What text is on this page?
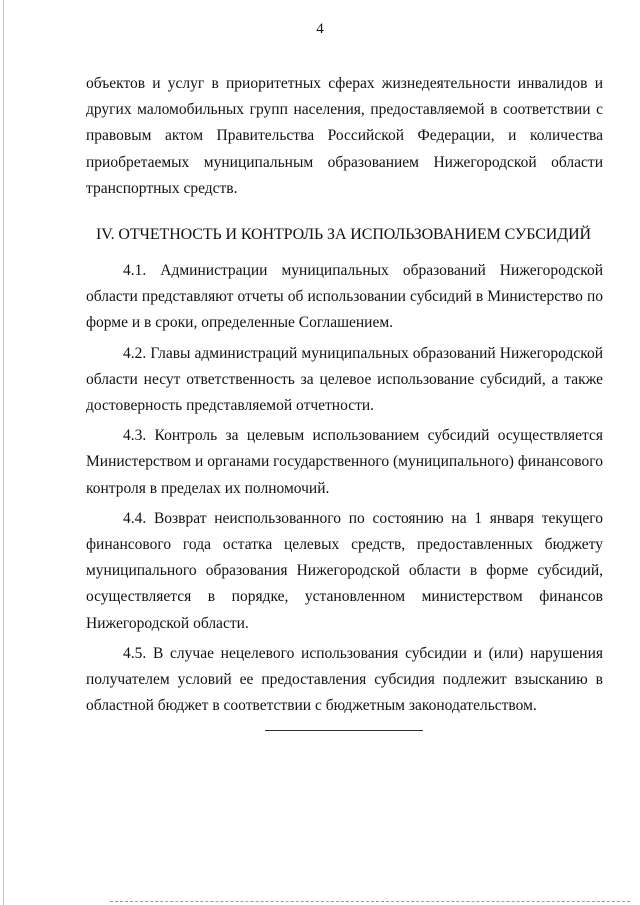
4

объектов и услуг в приоритетных сферах жизнедеятельности инвалидов и других маломобильных групп населения, предоставляемой в соответствии с правовым актом Правительства Российской Федерации, и количества приобретаемых муниципальным образованием Нижегородской области транспортных средств.

IV. ОТЧЕТНОСТЬ И КОНТРОЛЬ ЗА ИСПОЛЬЗОВАНИЕМ СУБСИДИЙ

4.1. Администрации муниципальных образований Нижегородской области представляют отчеты об использовании субсидий в Министерство по форме и в сроки, определенные Соглашением.

4.2. Главы администраций муниципальных образований Нижегородской области несут ответственность за целевое использование субсидий, а также достоверность представляемой отчетности.

4.3. Контроль за целевым использованием субсидий осуществляется Министерством и органами государственного (муниципального) финансового контроля в пределах их полномочий.

4.4. Возврат неиспользованного по состоянию на 1 января текущего финансового года остатка целевых средств, предоставленных бюджету муниципального образования Нижегородской области в форме субсидий, осуществляется в порядке, установленном министерством финансов Нижегородской области.

4.5. В случае нецелевого использования субсидии и (или) нарушения получателем условий ее предоставления субсидия подлежит взысканию в областной бюджет в соответствии с бюджетным законодательством.
